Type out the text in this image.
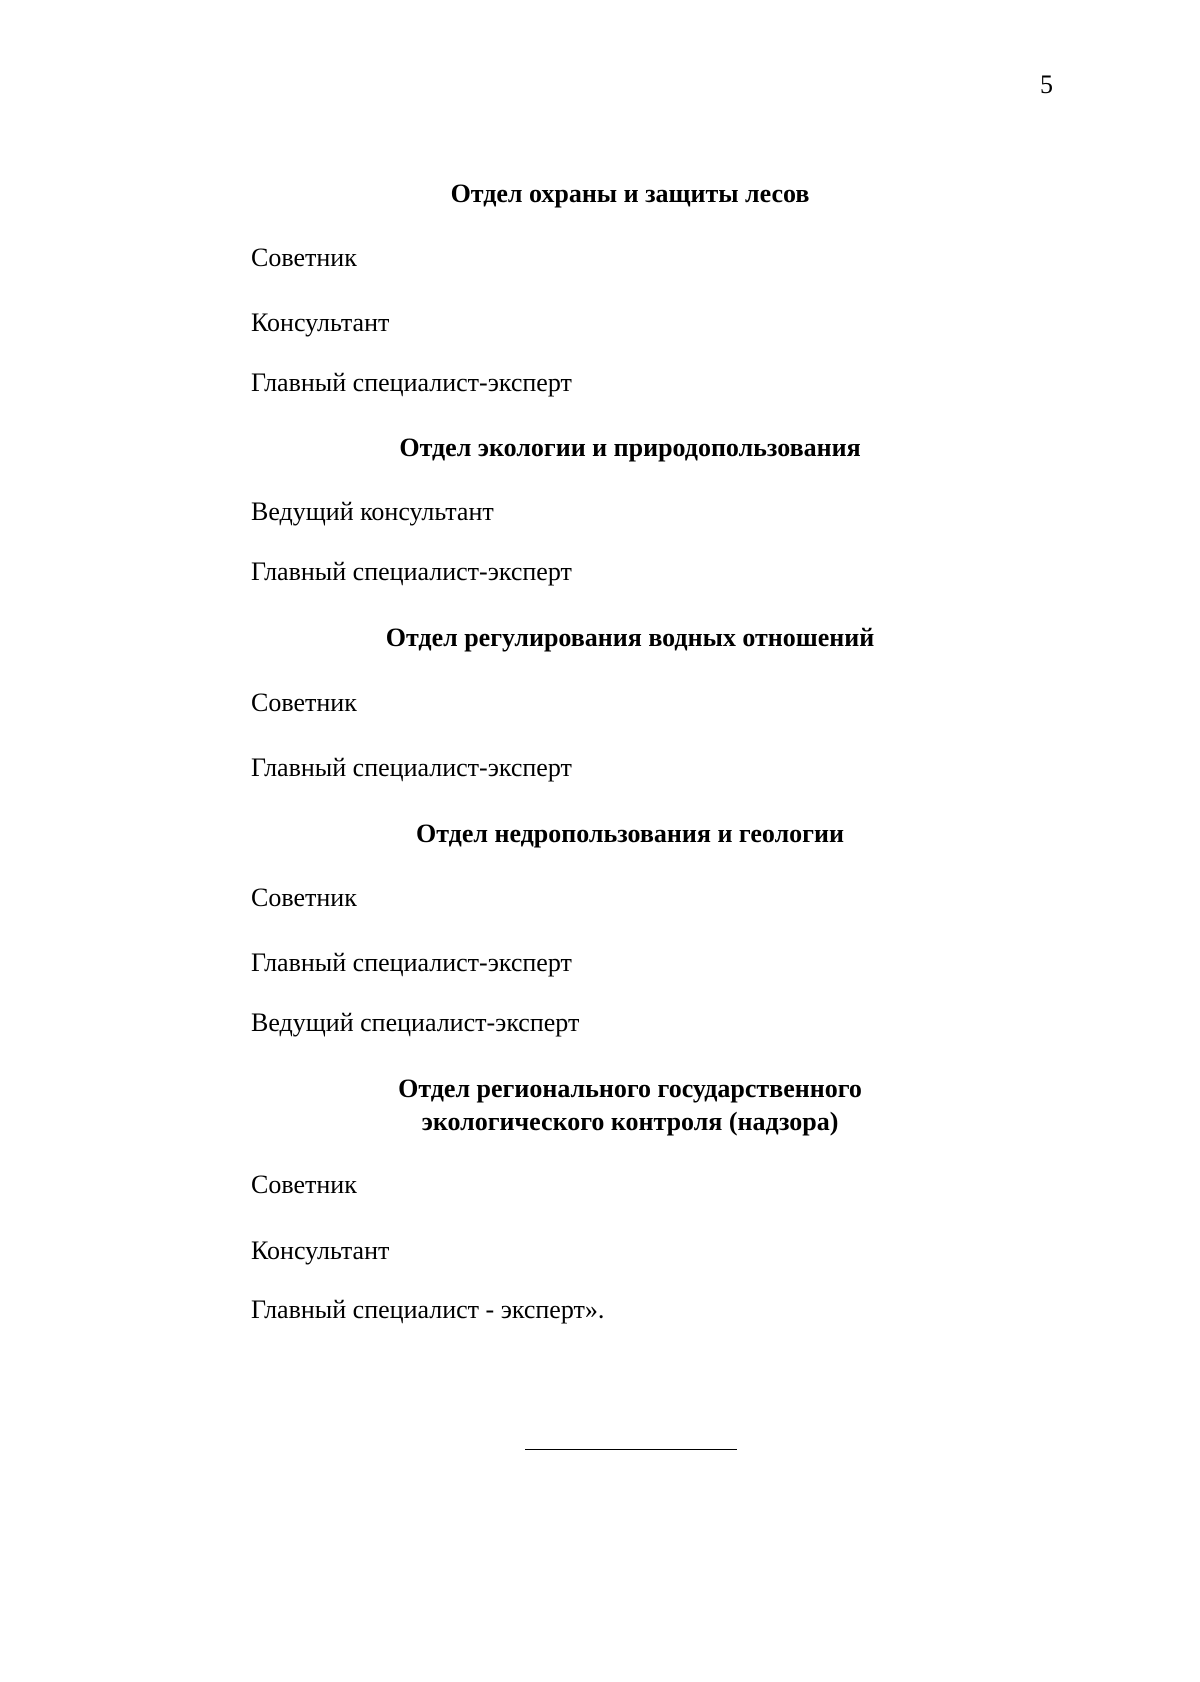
5
Отдел охраны и защиты лесов
Советник
Консультант
Главный специалист-эксперт
Отдел экологии и природопользования
Ведущий консультант
Главный специалист-эксперт
Отдел регулирования водных отношений
Советник
Главный специалист-эксперт
Отдел недропользования и геологии
Советник
Главный специалист-эксперт
Ведущий специалист-эксперт
Отдел регионального государственного
экологического контроля (надзора)
Советник
Консультант
Главный специалист - эксперт».
